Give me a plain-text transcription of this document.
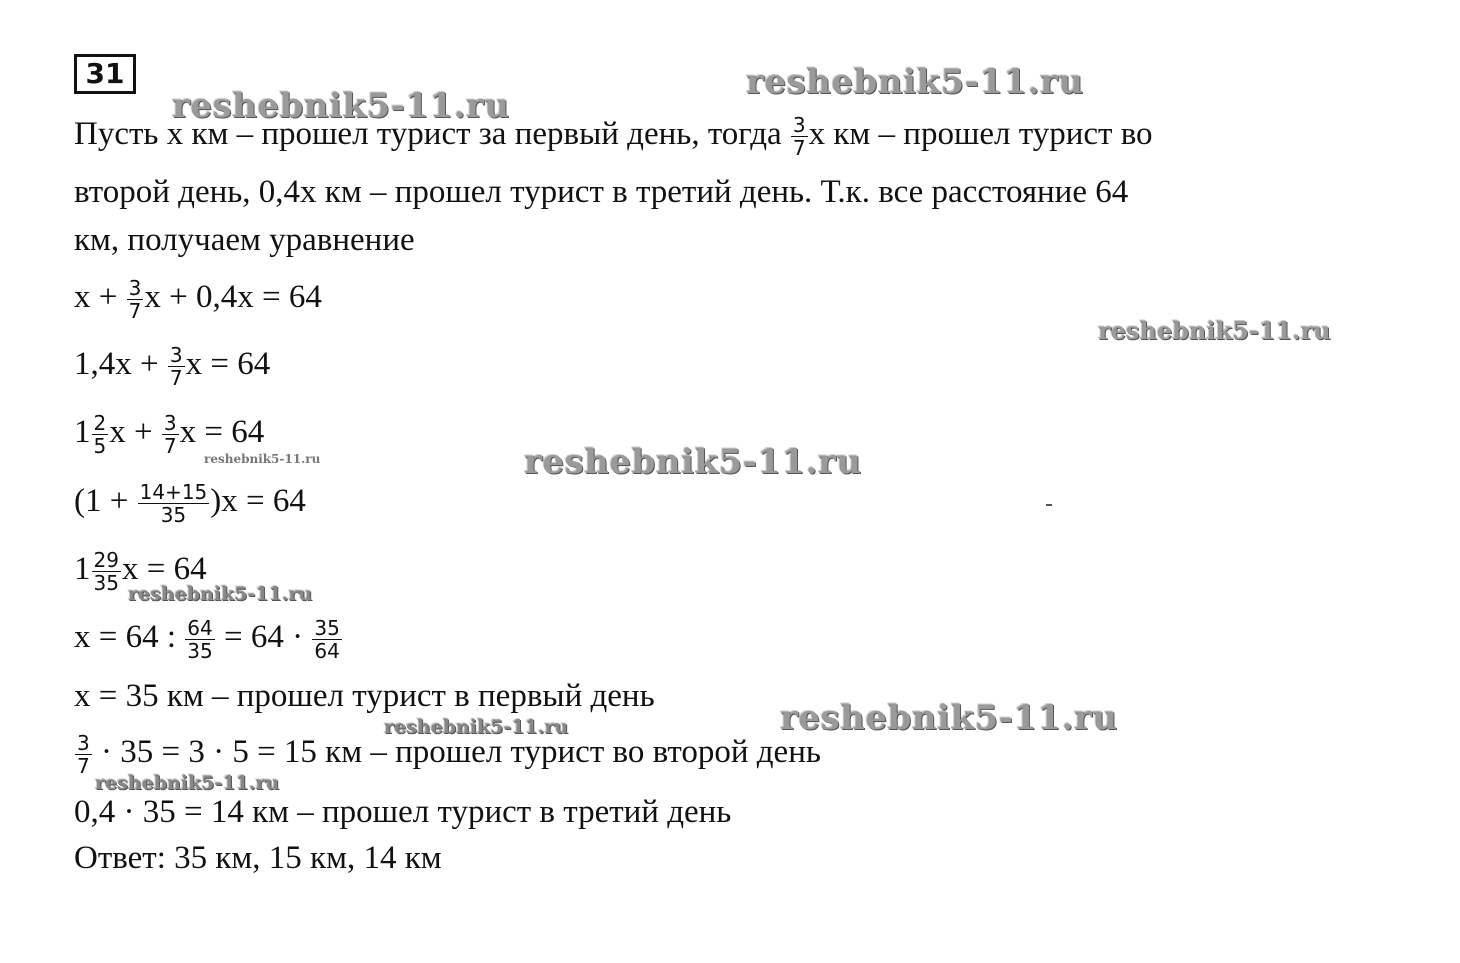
31
Пусть x км – прошел турист за первый день, тогда $\frac{3}{7}$ x км – прошел турист во
второй день, 0,4x км – прошел турист в третий день. Т.к. все расстояние 64
км, получаем уравнение
$x + \frac{3}{7}$ x + 0,4x = 64
$1,4x + \frac{3}{7}$ x = 64
$1 \frac{2}{5}$ $x + \frac{3}{7}$ x = 64
$(1 + \frac{14+15}{35} )x = 64$
$1 \frac{29}{35}$ x = 64
x = 64 : $\frac{64}{35} = 64 \cdot \frac{35}{64}$
x = 35 км – прошел турист в первый день
$\frac{3}{7} \cdot 35 = 3 \cdot 5 = 15$ км – прошел турист во второй день
0,4 · 35 = 14 км – прошел турист в третий день
Ответ: 35 км, 15 км, 14 км
reshebnik5-11.ru
reshebnik5-11.ru
reshebnik5-11.ru
reshebnik5-11.ru
reshebnik5-11.ru
reshebnik5-11.ru
reshebnik5-11.ru
reshebnik5-11.ru
reshebnik5-11.ru
